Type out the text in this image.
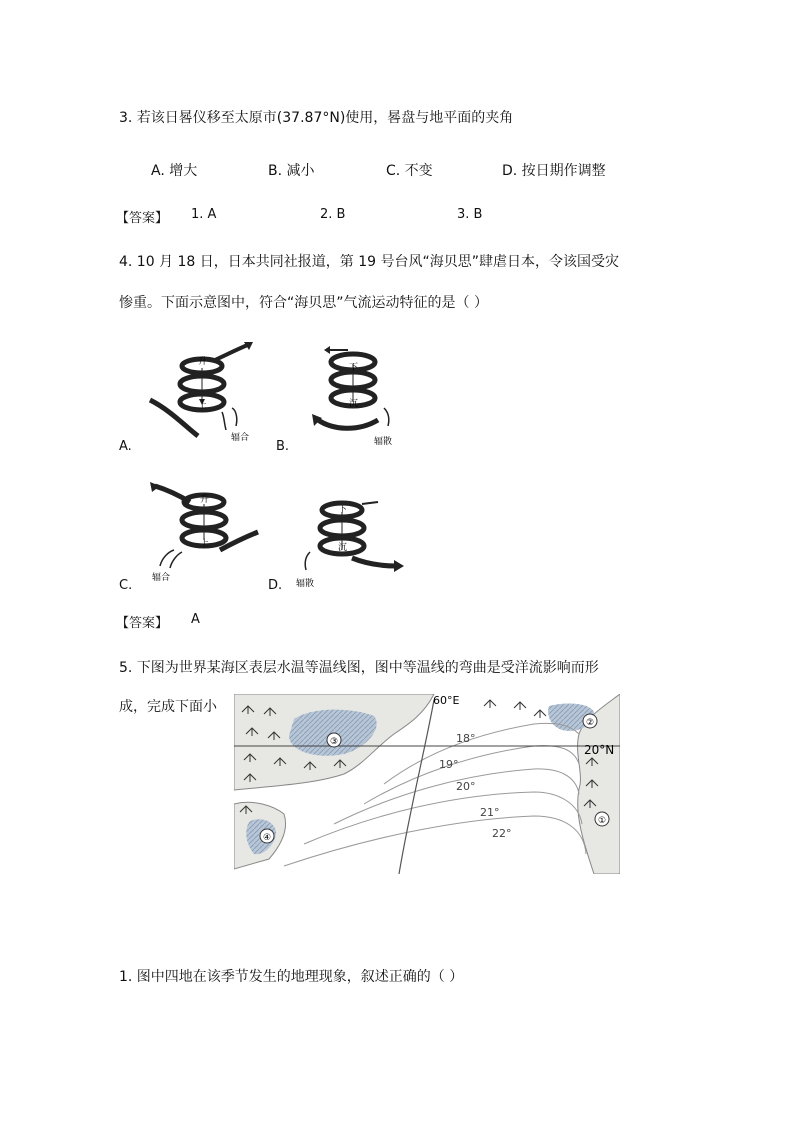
3. 若该日晷仪移至太原市(37.87°N)使用，晷盘与地平面的夹角
A. 增大	B. 减小	C. 不变	D. 按日期作调整
【答案】 1. A	2. B	3. B
4. 10 月 18 日，日本共同社报道，第 19 号台风“海贝思”肆虐日本，令该国受灾
惨重。下面示意图中，符合“海贝思”气流运动特征的是（ ）
升
上
辐合
A.
下
沉
辐散
B.
升
上
辐合
C.
下
沉
辐散
D.
【答案】 A
5. 下图为世界某海区表层水温等温线图，图中等温线的弯曲是受洋流影响而形
成，完成下面小
③
②
①
④
60°E
20°N
18°
19°
20°
21°
22°
1. 图中四地在该季节发生的地理现象，叙述正确的（ ）
